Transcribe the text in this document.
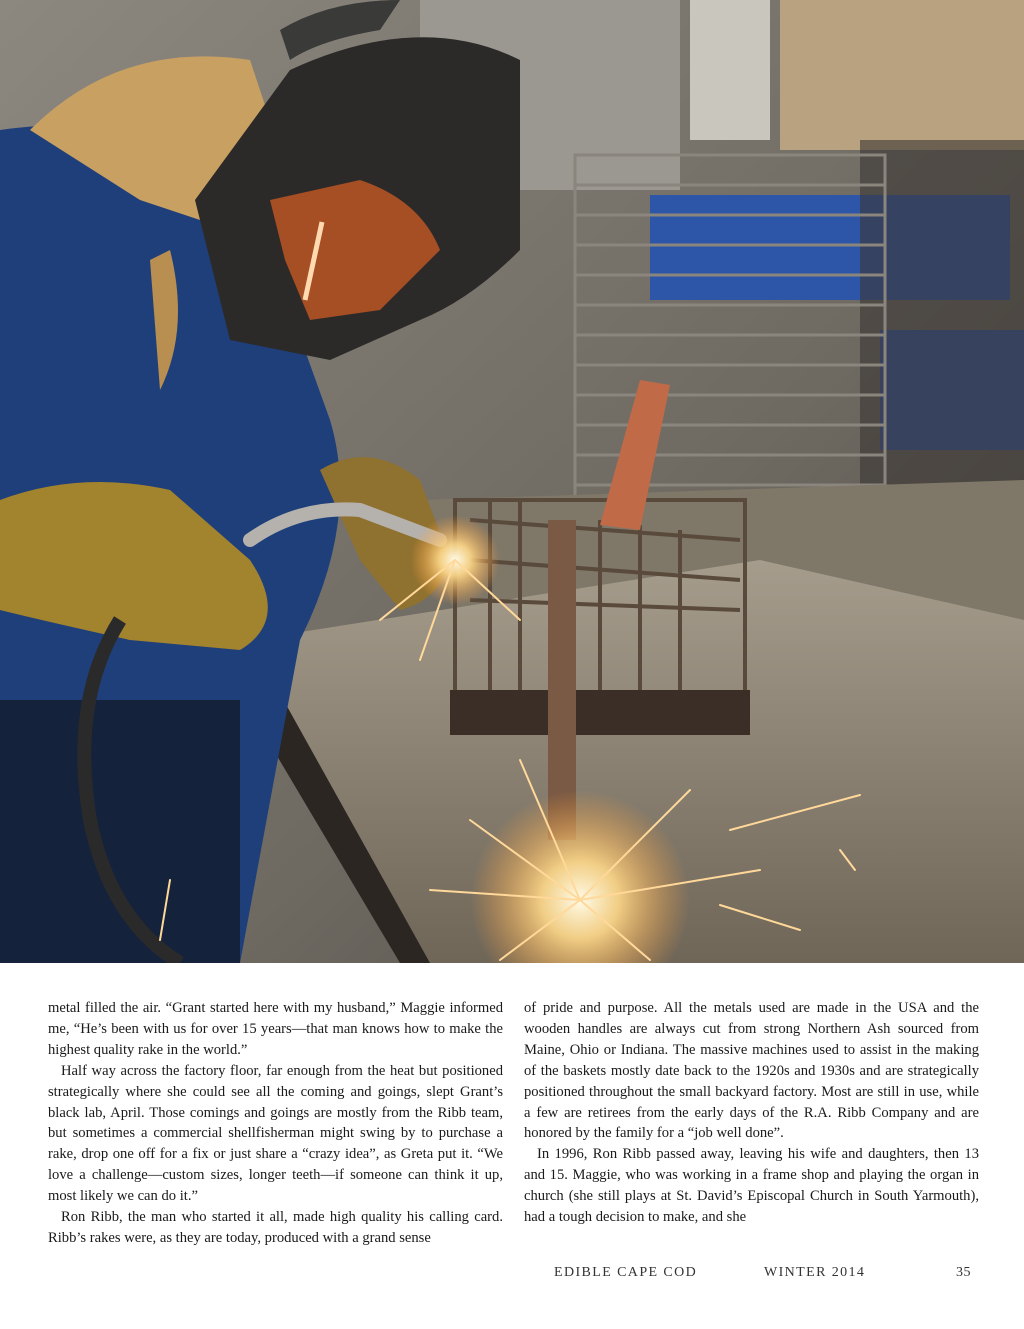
metal filled the air. “Grant started here with my husband,” Maggie informed me, “He’s been with us for over 15 years—that man knows how to make the highest quality rake in the world.”

Half way across the factory floor, far enough from the heat but positioned strategically where she could see all the coming and goings, slept Grant’s black lab, April. Those comings and goings are mostly from the Ribb team, but sometimes a commercial shellfisherman might swing by to purchase a rake, drop one off for a fix or just share a “crazy idea”, as Greta put it. “We love a challenge—custom sizes, longer teeth—if someone can think it up, most likely we can do it.”

Ron Ribb, the man who started it all, made high quality his calling card. Ribb’s rakes were, as they are today, produced with a grand sense

of pride and purpose. All the metals used are made in the USA and the wooden handles are always cut from strong Northern Ash sourced from Maine, Ohio or Indiana. The massive machines used to assist in the making of the baskets mostly date back to the 1920s and 1930s and are strategically positioned throughout the small backyard factory. Most are still in use, while a few are retirees from the early days of the R.A. Ribb Company and are honored by the family for a “job well done”.

In 1996, Ron Ribb passed away, leaving his wife and daughters, then 13 and 15. Maggie, who was working in a frame shop and playing the organ in church (she still plays at St. David’s Episcopal Church in South Yarmouth), had a tough decision to make, and she

EDIBLE CAPE COD	WINTER 2014	35
